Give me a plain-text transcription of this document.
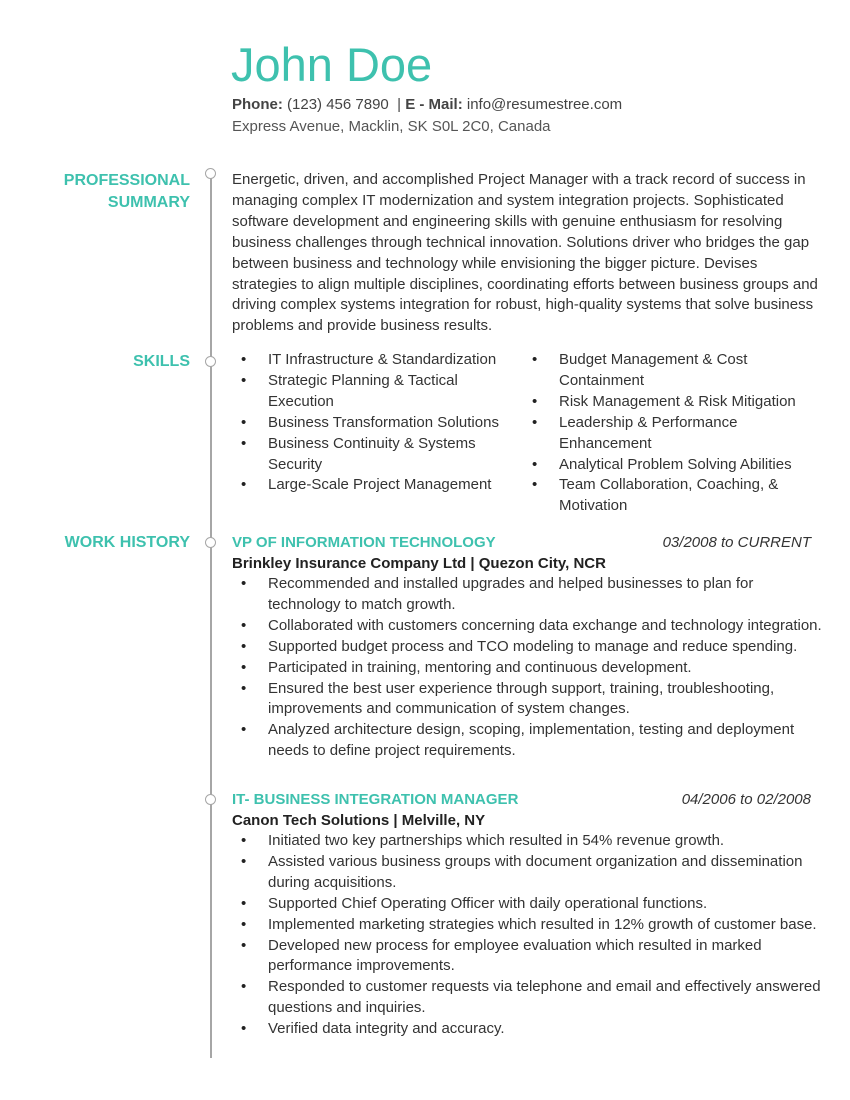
John Doe
Phone: (123) 456 7890 | E - Mail: info@resumestree.com
Express Avenue, Macklin, SK S0L 2C0, Canada
PROFESSIONAL
SUMMARY
Energetic, driven, and accomplished Project Manager with a track record of success in managing complex IT modernization and system integration projects. Sophisticated software development and engineering skills with genuine enthusiasm for resolving business challenges through technical innovation. Solutions driver who bridges the gap between business and technology while envisioning the bigger picture. Devises strategies to align multiple disciplines, coordinating efforts between business groups and driving complex systems integration for robust, high-quality systems that solve business problems and provide business results.
SKILLS	• IT Infrastructure & Standardization
• Strategic Planning & Tactical Execution
• Business Transformation Solutions
• Business Continuity & Systems Security
• Large-Scale Project Management
• Budget Management & Cost Containment
• Risk Management & Risk Mitigation
• Leadership & Performance Enhancement
• Analytical Problem Solving Abilities
• Team Collaboration, Coaching, & Motivation
WORK HISTORY	VP OF INFORMATION TECHNOLOGY	03/2008 to CURRENT
Brinkley Insurance Company Ltd | Quezon City, NCR
• Recommended and installed upgrades and helped businesses to plan for technology to match growth.
• Collaborated with customers concerning data exchange and technology integration.
• Supported budget process and TCO modeling to manage and reduce spending.
• Participated in training, mentoring and continuous development.
• Ensured the best user experience through support, training, troubleshooting, improvements and communication of system changes.
• Analyzed architecture design, scoping, implementation, testing and deployment needs to define project requirements.
IT- BUSINESS INTEGRATION MANAGER	04/2006 to 02/2008
Canon Tech Solutions | Melville, NY
• Initiated two key partnerships which resulted in 54% revenue growth.
• Assisted various business groups with document organization and dissemination during acquisitions.
• Supported Chief Operating Officer with daily operational functions.
• Implemented marketing strategies which resulted in 12% growth of customer base.
• Developed new process for employee evaluation which resulted in marked performance improvements.
• Responded to customer requests via telephone and email and effectively answered questions and inquiries.
• Verified data integrity and accuracy.
